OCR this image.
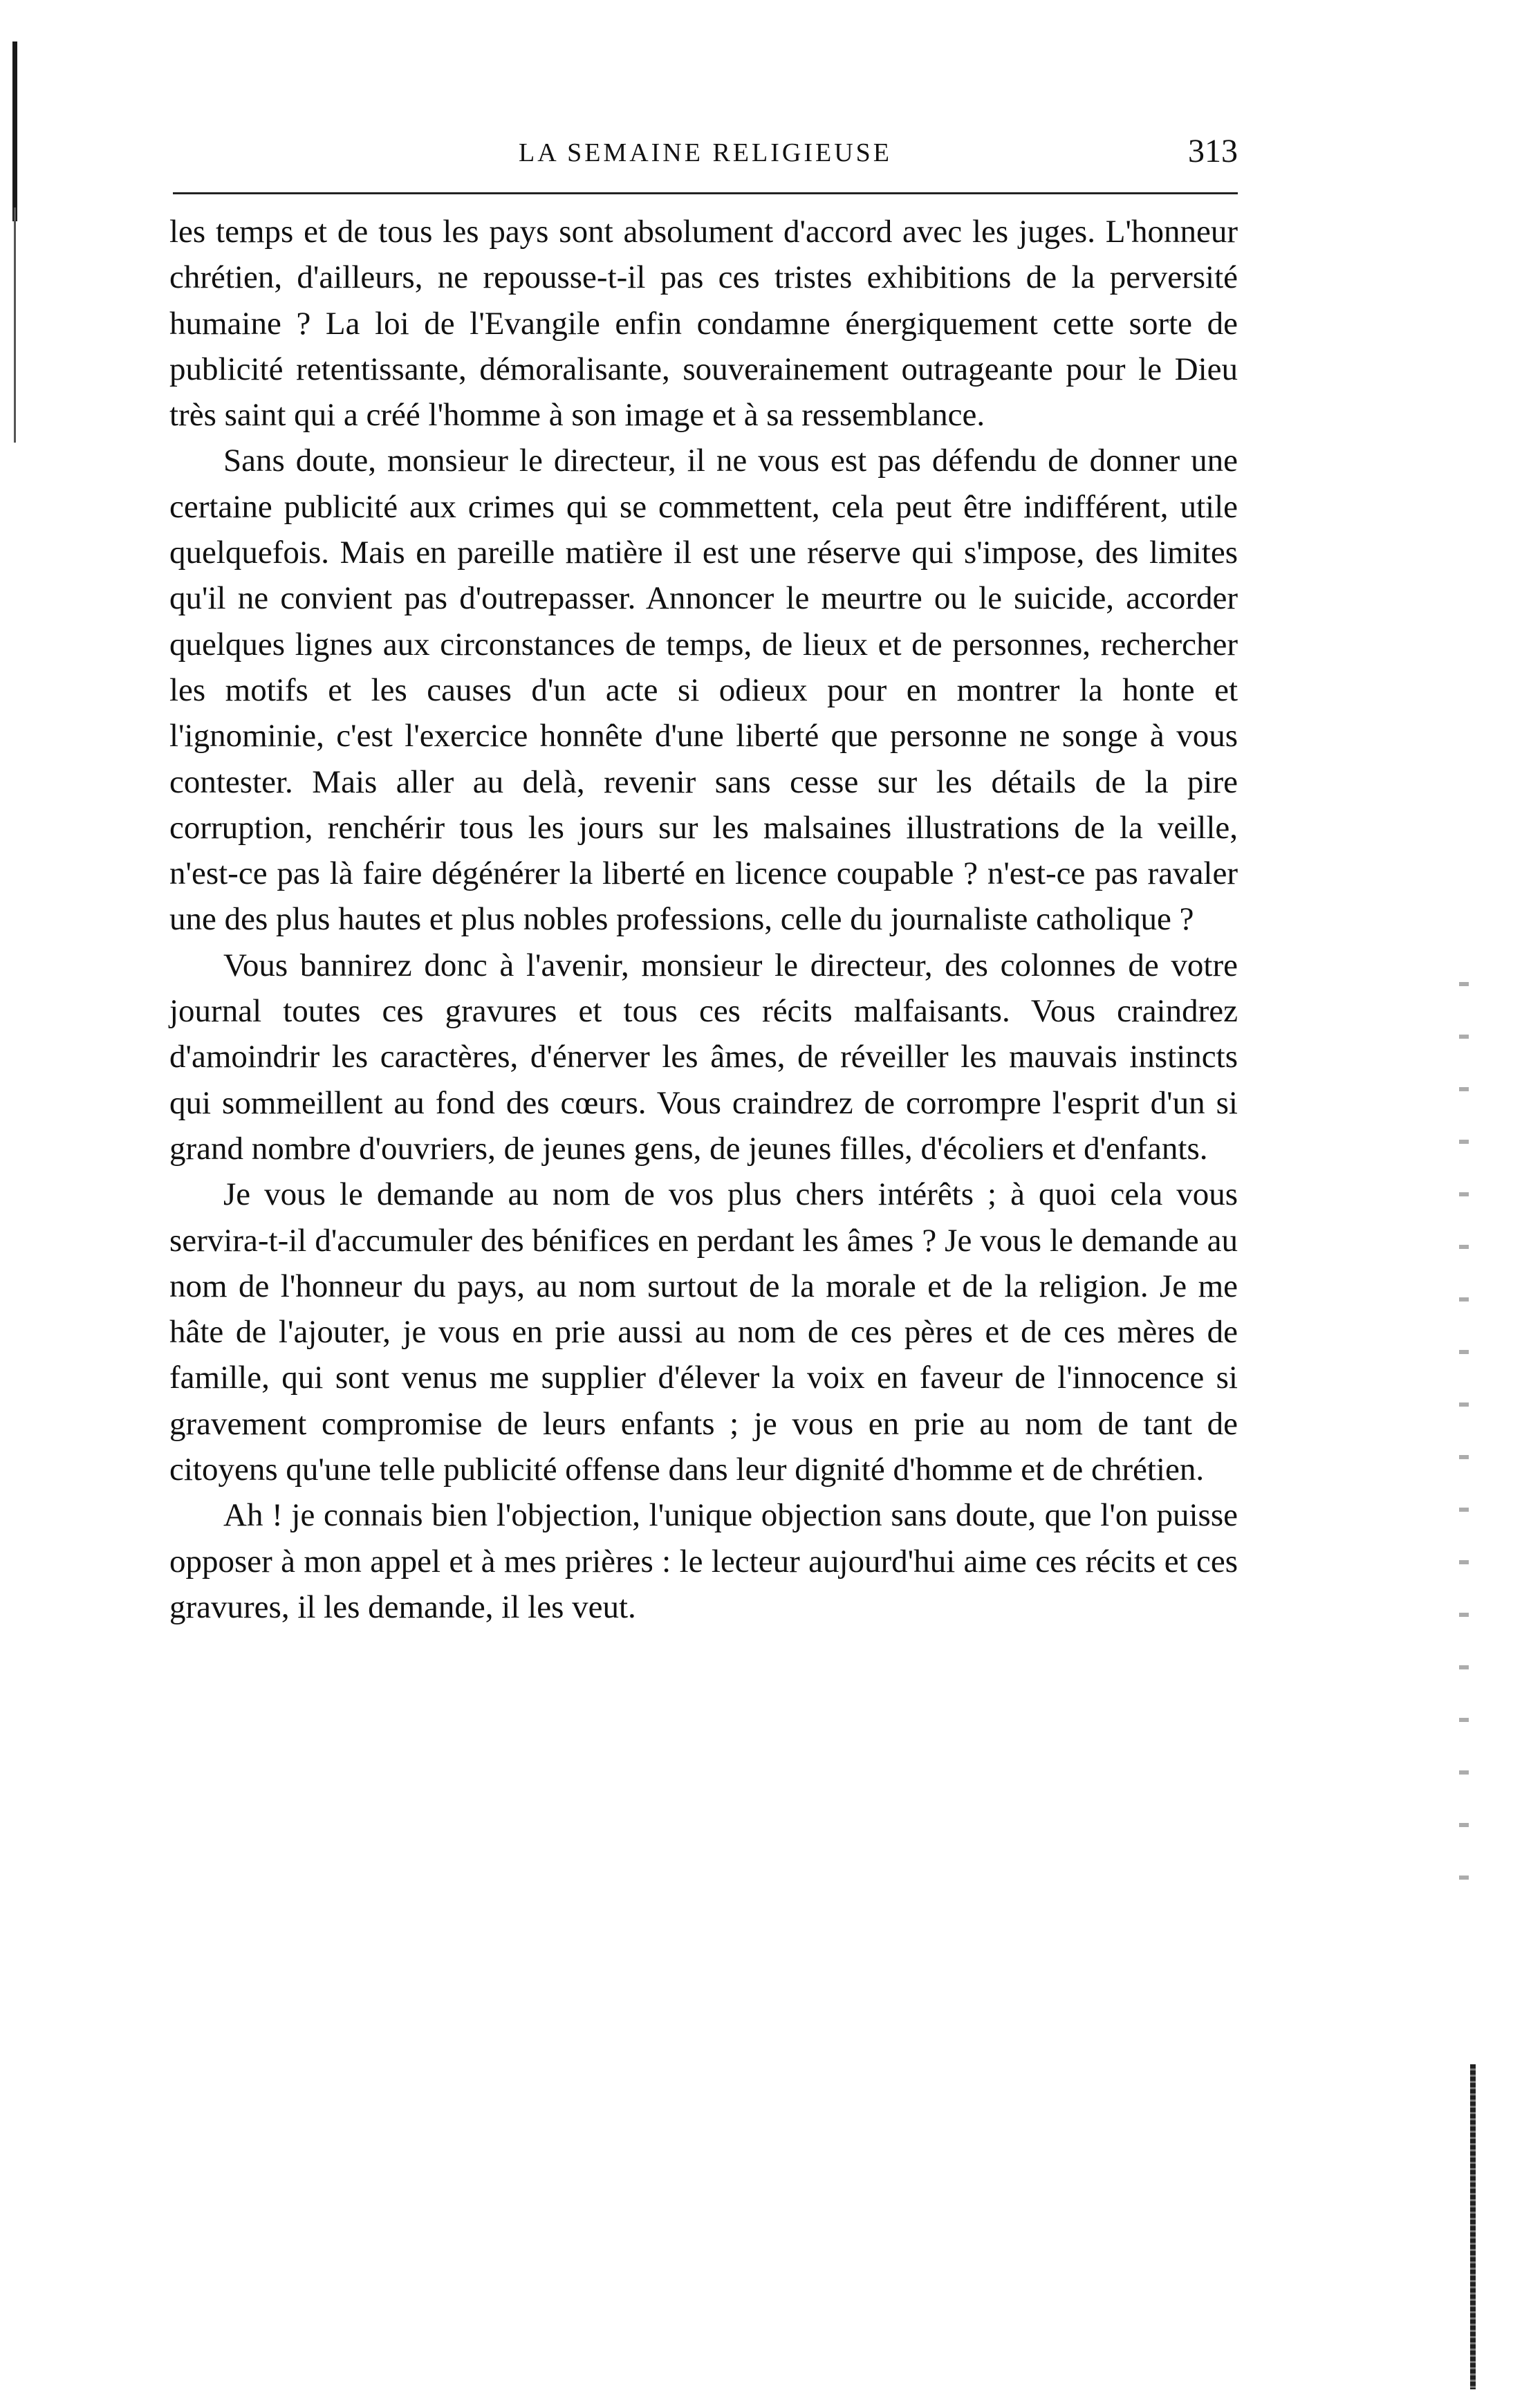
LA SEMAINE RELIGIEUSE	313

les temps et de tous les pays sont absolument d'accord avec les juges. L'honneur chrétien, d'ailleurs, ne repousse-t-il pas ces tristes exhibitions de la perversité humaine ? La loi de l'Evangile enfin condamne énergiquement cette sorte de publicité retentissante, démoralisante, souverainement outrageante pour le Dieu très saint qui a créé l'homme à son image et à sa ressemblance.

Sans doute, monsieur le directeur, il ne vous est pas défendu de donner une certaine publicité aux crimes qui se commettent, cela peut être indifférent, utile quelquefois. Mais en pareille matière il est une réserve qui s'impose, des limites qu'il ne convient pas d'outrepasser. Annoncer le meurtre ou le suicide, accorder quelques lignes aux circonstances de temps, de lieux et de personnes, rechercher les motifs et les causes d'un acte si odieux pour en montrer la honte et l'ignominie, c'est l'exercice honnête d'une liberté que personne ne songe à vous contester. Mais aller au delà, revenir sans cesse sur les détails de la pire corruption, renchérir tous les jours sur les malsaines illustrations de la veille, n'est-ce pas là faire dégénérer la liberté en licence coupable ? n'est-ce pas ravaler une des plus hautes et plus nobles professions, celle du journaliste catholique ?

Vous bannirez donc à l'avenir, monsieur le directeur, des colonnes de votre journal toutes ces gravures et tous ces récits malfaisants. Vous craindrez d'amoindrir les caractères, d'énerver les âmes, de réveiller les mauvais instincts qui sommeillent au fond des cœurs. Vous craindrez de corrompre l'esprit d'un si grand nombre d'ouvriers, de jeunes gens, de jeunes filles, d'écoliers et d'enfants.

Je vous le demande au nom de vos plus chers intérêts ; à quoi cela vous servira-t-il d'accumuler des bénifices en perdant les âmes ? Je vous le demande au nom de l'honneur du pays, au nom surtout de la morale et de la religion. Je me hâte de l'ajouter, je vous en prie aussi au nom de ces pères et de ces mères de famille, qui sont venus me supplier d'élever la voix en faveur de l'innocence si gravement compromise de leurs enfants ; je vous en prie au nom de tant de citoyens qu'une telle publicité offense dans leur dignité d'homme et de chrétien.

Ah ! je connais bien l'objection, l'unique objection sans doute, que l'on puisse opposer à mon appel et à mes prières : le lecteur aujourd'hui aime ces récits et ces gravures, il les demande, il les veut.
